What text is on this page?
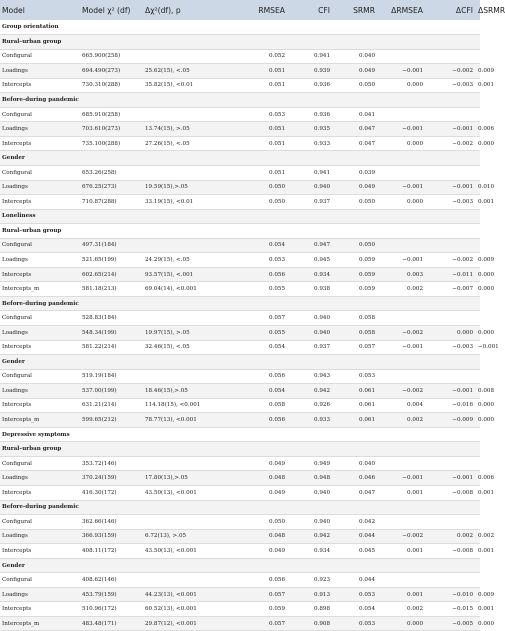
Model	Model χ² (df)	Δχ²(df), p	RMSEA	CFI	SRMR	ΔRMSEA	ΔCFI	ΔSRMR
Group orientation								
Rural–urban group								
Configural	665.900(258)		0.052	0.941	0.040			
Loadings	694.490(273)	25.62(15), <.05	0.051	0.939	0.049	−0.001	−0.002	0.009
Intercepts	730.310(288)	35.82(15), <0.01	0.051	0.936	0.050	0.000	−0.003	0.001
Before-during pandemic								
Configural	685.910(258)		0.053	0.936	0.041			
Loadings	703.610(273)	13.74(15), >.05	0.051	0.935	0.047	−0.001	−0.001	0.006
Intercepts	735.100(288)	27.26(15), <.05	0.051	0.933	0.047	0.000	−0.002	0.000
Gender								
Configural	653.26(258)		0.051	0.941	0.039			
Loadings	676.25(273)	19.59(15),>.05	0.050	0.940	0.049	−0.001	−0.001	0.010
Intercepts	710.87(288)	33.19(15), <0.01	0.050	0.937	0.050	0.000	−0.003	0.001
Loneliness								
Rural–urban group								
Configural	497.31(184)		0.054	0.947	0.050			
Loadings	521.65(199)	24.29(15), <.05	0.053	0.945	0.059	−0.001	−0.002	0.009
Intercepts	602.65(214)	93.57(15), <.001	0.056	0.934	0.059	0.003	−0.011	0.000
Intercepts_m	581.18(213)	69.04(14), <0.001	0.055	0.938	0.059	0.002	−0.007	0.000
Before-during pandemic								
Configural	528.83(184)		0.057	0.940	0.058			
Loadings	548.34(199)	19.97(15), >.05	0.055	0.940	0.058	−0.002	0.000	0.000
Intercepts	581.22(214)	32.46(15), <.05	0.054	0.937	0.057	−0.001	−0.003	−0.001
Gender								
Configural	519.19(184)		0.056	0.943	0.053			
Loadings	537.00(199)	18.46(15),>.05	0.054	0.942	0.061	−0.002	−0.001	0.008
Intercepts	631.21(214)	114.18(15), <0.001	0.058	0.926	0.061	0.004	−0.016	0.000
Intercepts_m	599.65(212)	78.77(13), <0.001	0.056	0.933	0.061	0.002	−0.009	0.000
Depressive symptoms								
Rural–urban group								
Configural	353.72(146)		0.049	0.949	0.040			
Loadings	370.24(159)	17.80(13),>.05	0.048	0.948	0.046	−0.001	−0.001	0.006
Intercepts	416.30(172)	43.50(13), <0.001	0.049	0.940	0.047	0.001	−0.008	0.001
Before-during pandemic								
Configural	362.66(146)		0.050	0.940	0.042			
Loadings	366.93(159)	6.72(13), >.05	0.048	0.942	0.044	−0.002	0.002	0.002
Intercepts	408.11(172)	43.50(13), <0.001	0.049	0.934	0.045	0.001	−0.008	0.001
Gender								
Configural	408.62(146)		0.056	0.923	0.044			
Loadings	453.79(159)	44.23(13), <0.001	0.057	0.913	0.053	0.001	−0.010	0.009
Intercepts	510.96(172)	60.52(13), <0.001	0.059	0.898	0.054	0.002	−0.015	0.001
Intercepts_m	483.48(171)	29.87(12), <0.001	0.057	0.908	0.053	0.000	−0.005	0.000
